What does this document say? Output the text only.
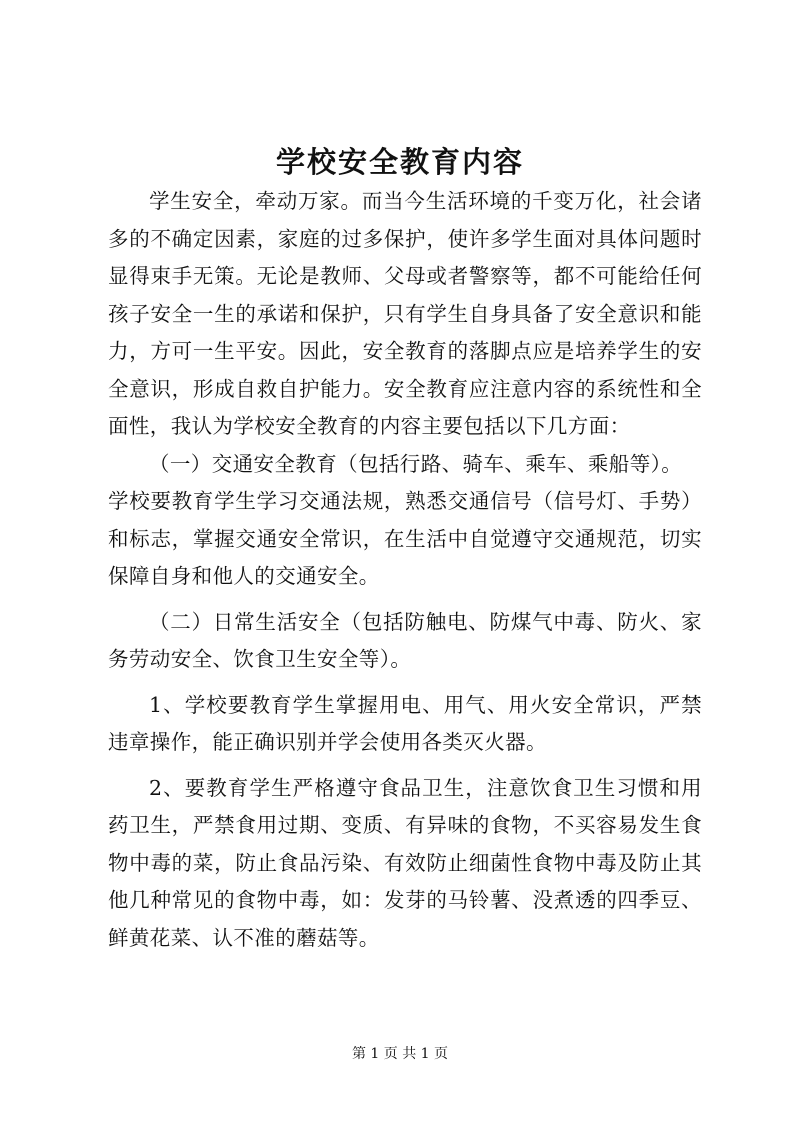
学校安全教育内容

学生安全，牵动万家。而当今生活环境的千变万化，社会诸多的不确定因素，家庭的过多保护，使许多学生面对具体问题时显得束手无策。无论是教师、父母或者警察等，都不可能给任何孩子安全一生的承诺和保护，只有学生自身具备了安全意识和能力，方可一生平安。因此，安全教育的落脚点应是培养学生的安全意识，形成自救自护能力。安全教育应注意内容的系统性和全面性，我认为学校安全教育的内容主要包括以下几方面：

（一）交通安全教育（包括行路、骑车、乘车、乘船等）。

学校要教育学生学习交通法规，熟悉交通信号（信号灯、手势）和标志，掌握交通安全常识，在生活中自觉遵守交通规范，切实保障自身和他人的交通安全。

（二）日常生活安全（包括防触电、防煤气中毒、防火、家务劳动安全、饮食卫生安全等）。

1、学校要教育学生掌握用电、用气、用火安全常识，严禁违章操作，能正确识别并学会使用各类灭火器。

2、要教育学生严格遵守食品卫生，注意饮食卫生习惯和用药卫生，严禁食用过期、变质、有异味的食物，不买容易发生食物中毒的菜，防止食品污染、有效防止细菌性食物中毒及防止其他几种常见的食物中毒，如：发芽的马铃薯、没煮透的四季豆、鲜黄花菜、认不准的蘑菇等。

第 1 页 共 1 页
